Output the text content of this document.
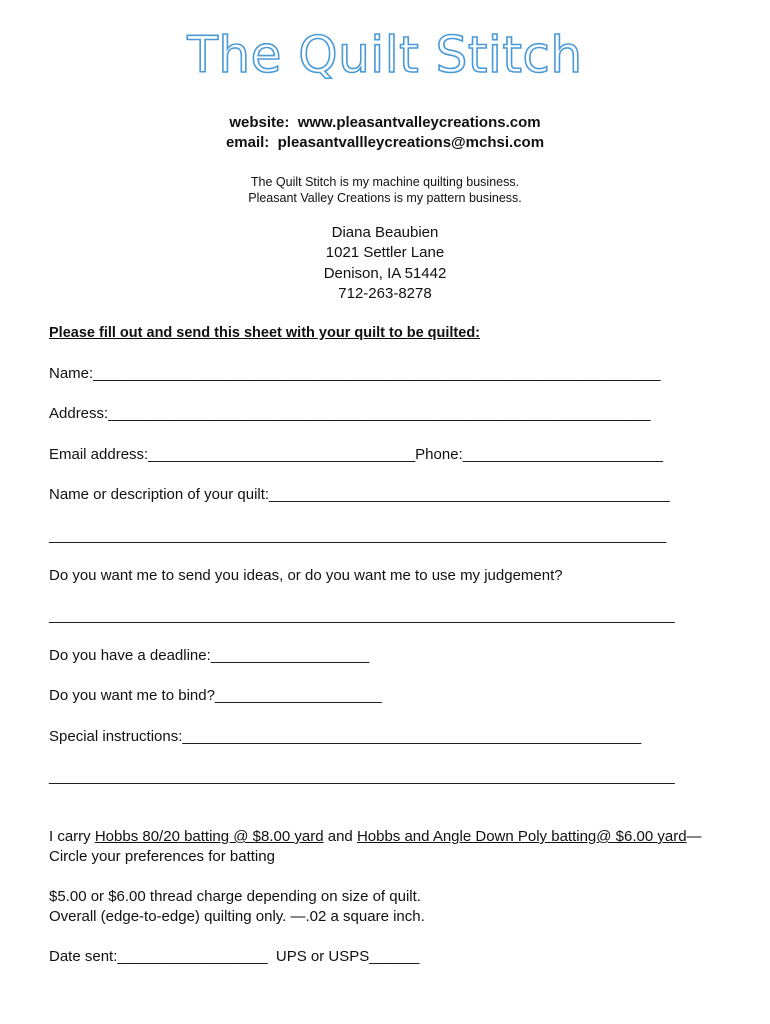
The Quilt Stitch
website:  www.pleasantvalleycreations.com
email:  pleasantvallleycreations@mchsi.com
The Quilt Stitch is my machine quilting business.
Pleasant Valley Creations is my pattern business.
Diana Beaubien
1021 Settler Lane
Denison, IA 51442
712-263-8278
Please fill out and send this sheet with your quilt to be quilted:
Name:____________________________________________________________________
Address:_________________________________________________________________
Email address:________________________________Phone:________________________
Name or description of your quilt:________________________________________________
__________________________________________________________________________
Do you want me to send you ideas, or do you want me to use my judgement?
___________________________________________________________________________
Do you have a deadline:___________________
Do you want me to bind?____________________
Special instructions:_______________________________________________________
___________________________________________________________________________
I carry Hobbs 80/20 batting @ $8.00 yard and Hobbs and Angle Down Poly batting@ $6.00 yard—
Circle your preferences for batting
$5.00 or $6.00 thread charge depending on size of quilt.
Overall (edge-to-edge) quilting only. —.02 a square inch.
Date sent:__________________  UPS or USPS______
